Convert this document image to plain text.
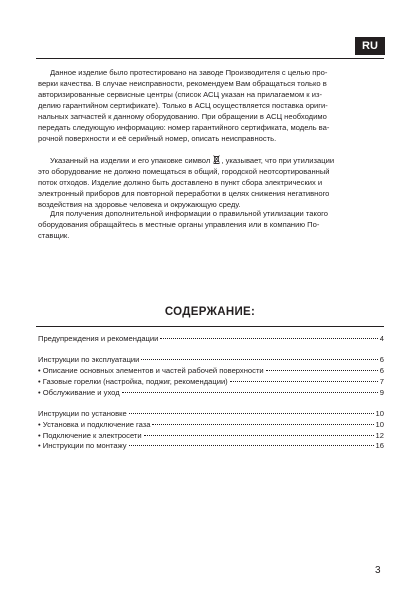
RU
Данное изделие было протестировано на заводе Производителя с целью про-
верки качества. В случае неисправности, рекомендуем Вам обращаться только в
авторизированные сервисные центры (список АСЦ указан на прилагаемом к из-
делию гарантийном сертификате). Только в АСЦ осуществляется поставка ориги-
нальных запчастей к данному оборудованию. При обращении в АСЦ необходимо
передать следующую информацию: номер гарантийного сертификата, модель ва-
рочной поверхности и её серийный номер, описать неисправность.
Указанный на изделии и его упаковке символ , указывает, что при утилизации
это оборудование не должно помещаться в общий, городской неотсортированный
поток отходов. Изделие должно быть доставлено в пункт сбора электрических и
электронный приборов для повторной переработки в целях снижения негативного
воздействия на здоровье человека и окружающую среду.
Для получения дополнительной информации о правильной утилизации такого
оборудования обращайтесь в местные органы управления или в компанию По-
ставщик.
СОДЕРЖАНИЕ:
Предупреждения и рекомендации	4
Инструкции по эксплуатации	6
• Описание основных элементов и частей рабочей поверхности	6
• Газовые горелки (настройка, поджиг, рекомендации)	7
• Обслуживание и уход	9
Инструкции по установке	10
• Установка и подключение газа	10
• Подключение к электросети	12
• Инструкции по монтажу	16
3
